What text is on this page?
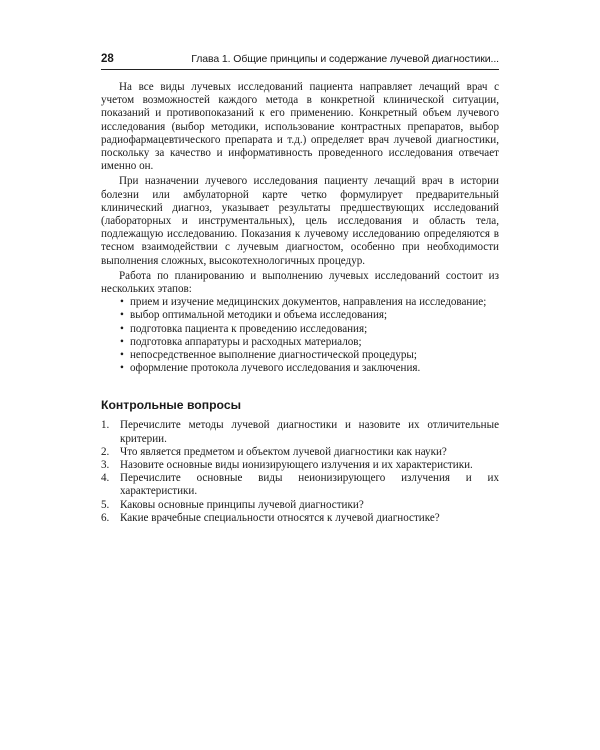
28	Глава 1. Общие принципы и содержание лучевой диагностики...

На все виды лучевых исследований пациента направляет лечащий врач с учетом возможностей каждого метода в конкретной клинической ситуации, показаний и противопоказаний к его применению. Конкретный объем лучевого исследования (выбор методики, использование контрастных препаратов, выбор радиофармацевтического препарата и т.д.) определяет врач лучевой диагностики, поскольку за качество и информативность проведенного исследования отвечает именно он.

При назначении лучевого исследования пациенту лечащий врач в истории болезни или амбулаторной карте четко формулирует предварительный клинический диагноз, указывает результаты предшествующих исследований (лабораторных и инструментальных), цель исследования и область тела, подлежащую исследованию. Показания к лучевому исследованию определяются в тесном взаимодействии с лучевым диагностом, особенно при необходимости выполнения сложных, высокотехнологичных процедур.

Работа по планированию и выполнению лучевых исследований состоит из нескольких этапов:

• прием и изучение медицинских документов, направления на исследование;
• выбор оптимальной методики и объема исследования;
• подготовка пациента к проведению исследования;
• подготовка аппаратуры и расходных материалов;
• непосредственное выполнение диагностической процедуры;
• оформление протокола лучевого исследования и заключения.
Контрольные вопросы
1. Перечислите методы лучевой диагностики и назовите их отличительные критерии.
2. Что является предметом и объектом лучевой диагностики как науки?
3. Назовите основные виды ионизирующего излучения и их характеристики.
4. Перечислите основные виды неионизирующего излучения и их характеристики.
5. Каковы основные принципы лучевой диагностики?
6. Какие врачебные специальности относятся к лучевой диагностике?
